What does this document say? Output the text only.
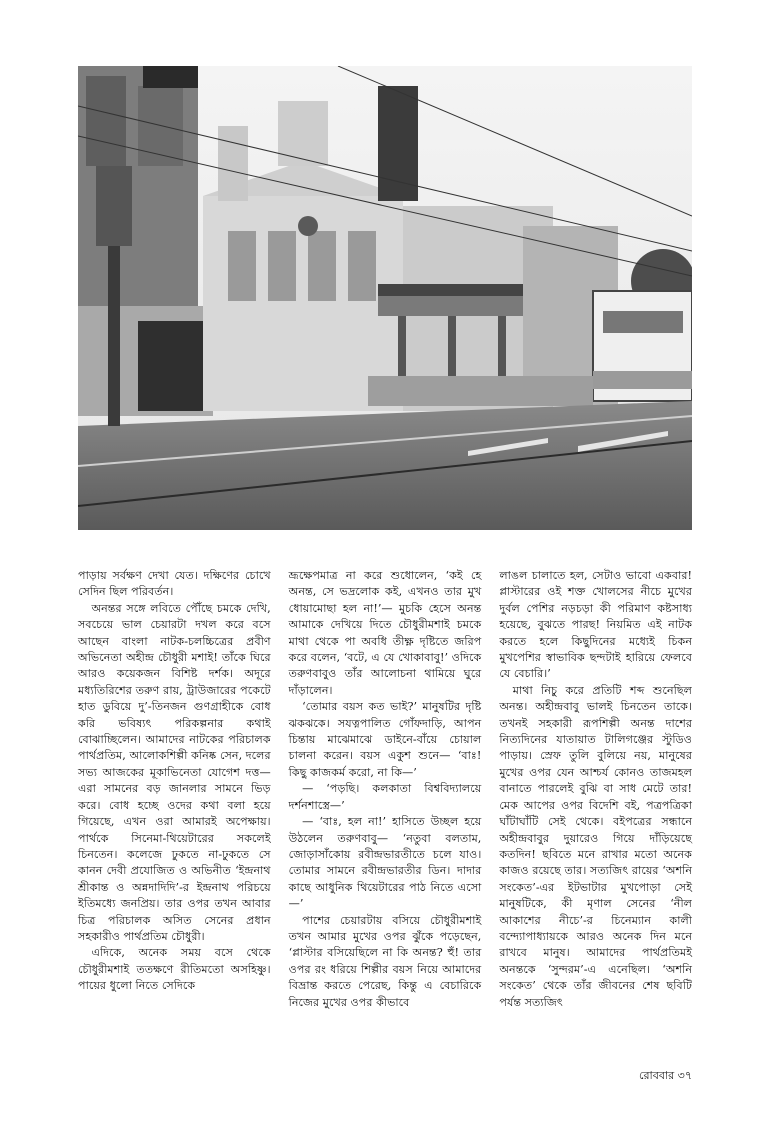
পাড়ায় সর্বক্ষণ দেখা যেত। দক্ষিণের চোখে সেদিন ছিল পরিবর্তন।

অনন্তর সঙ্গে লবিতে পৌঁছে চমকে দেখি, সবচেয়ে ভাল চেয়ারটা দখল করে বসে আছেন বাংলা নাটক-চলচ্চিত্রের প্রবীণ অভিনেতা অহীন্দ্র চৌধুরী মশাই! তাঁকে ঘিরে আরও কয়েকজন বিশিষ্ট দর্শক। অদূরে মধ্যতিরিশের তরুণ রায়, ট্রাউজারের পকেটে হাত ডুবিয়ে দু’-তিনজন গুণগ্রাহীকে বোধ করি ভবিষ্যৎ পরিকল্পনার কথাই বোঝাচ্ছিলেন। আমাদের নাটকের পরিচালক পার্থপ্রতিম, আলোকশিল্পী কনিষ্ক সেন, দলের সভ্য আজকের মূকাভিনেতা যোগেশ দত্ত— এরা সামনের বড় জানলার সামনে ভিড় করে। বোধ হচ্ছে ওদের কথা বলা হয়ে গিয়েছে, এখন ওরা আমারই অপেক্ষায়। পার্থকে সিনেমা-থিয়েটারের সকলেই চিনতেন। কলেজে ঢুকতে না-ঢুকতে সে কানন দেবী প্রযোজিত ও অভিনীত ‘ইন্দ্রনাথ শ্রীকান্ত ও অন্নদাদিদি’-র ইন্দ্রনাথ পরিচয়ে ইতিমধ্যে জনপ্রিয়। তার ওপর তখন আবার চিত্র পরিচালক অসিত সেনের প্রধান সহকারীও পার্থপ্রতিম চৌধুরী।

এদিকে, অনেক সময় বসে থেকে চৌধুরীমশাই ততক্ষণে রীতিমতো অসহিষ্ণু। পায়ের ধুলো নিতে সেদিকে

ভ্রূক্ষেপমাত্র না করে শুধোলেন, ‘কই হে অনন্ত, সে ভদ্রলোক কই, এখনও তার মুখ ধোয়ামোছা হল না!’— মুচকি হেসে অনন্ত আমাকে দেখিয়ে দিতে চৌধুরীমশাই চমকে মাথা থেকে পা অবধি তীক্ষ্ণ দৃষ্টিতে জরিপ করে বলেন, ‘বটে, এ যে খোকাবাবু!’ ওদিকে তরুণবাবুও তাঁর আলোচনা থামিয়ে ঘুরে দাঁড়ালেন।

‘তোমার বয়স কত ভাই?’ মানুষটির দৃষ্টি ঝকঝকে। সযত্নপালিত গোঁফদাড়ি, আপন চিন্তায় মাঝেমাঝে ডাইনে-বাঁয়ে চোয়াল চালনা করেন। বয়স একুশ শুনে— ‘বাঃ! কিছু কাজকর্ম করো, না কি—’

— ‘পড়ছি। কলকাতা বিশ্ববিদ্যালয়ে দর্শনশাস্ত্রে—’

— ‘বাঃ, হল না!’ হাসিতে উচ্ছল হয়ে উঠলেন তরুণবাবু— ‘নতুবা বলতাম, জোড়াসাঁকোয় রবীন্দ্রভারতীতে চলে যাও। তোমার সামনে রবীন্দ্রভারতীর ডিন। দাদার কাছে আধুনিক থিয়েটারের পাঠ নিতে এসো—’

পাশের চেয়ারটায় বসিয়ে চৌধুরীমশাই তখন আমার মুখের ওপর ঝুঁকে পড়েছেন, ‘প্লাস্টার বসিয়েছিলে না কি অনন্ত? হুঁ! তার ওপর রং ধরিয়ে শিল্পীর বয়স নিয়ে আমাদের বিভ্রান্ত করতে পেরেছ, কিন্তু এ বেচারিকে নিজের মুখের ওপর কীভাবে

লাঙল চালাতে হল, সেটাও ভাবো একবার! প্লাস্টারের ওই শক্ত খোলসের নীচে মুখের দুর্বল পেশির নড়চড়া কী পরিমাণ কষ্টসাধ্য হয়েছে, বুঝতে পারছ! নিয়মিত এই নাটক করতে হলে কিছুদিনের মধ্যেই চিকন মুখপেশির স্বাভাবিক ছন্দটাই হারিয়ে ফেলবে যে বেচারি।’

মাথা নিচু করে প্রতিটি শব্দ শুনেছিল অনন্ত। অহীন্দ্রবাবু ভালই চিনতেন তাকে। তখনই সহকারী রূপশিল্পী অনন্ত দাশের নিত্যদিনের যাতায়াত টালিগঞ্জের স্টুডিও পাড়ায়। স্রেফ তুলি বুলিয়ে নয়, মানুষের মুখের ওপর যেন আশ্চর্য কোনও তাজমহল বানাতে পারলেই বুঝি বা সাধ মেটে তার! মেক আপের ওপর বিদেশি বই, পত্রপত্রিকা ঘাঁটাঘাঁটি সেই থেকে। বইপত্রের সন্ধানে অহীন্দ্রবাবুর দুয়ারেও গিয়ে দাঁড়িয়েছে কতদিন! ছবিতে মনে রাখার মতো অনেক কাজও রয়েছে তার। সত্যজিৎ রায়ের ‘অশনি সংকেত’-এর ইটভাটার মুখপোড়া সেই মানুষটিকে, কী মৃণাল সেনের ‘নীল আকাশের নীচে’-র চিনেম্যান কালী বন্দ্যোপাধ্যায়কে আরও অনেক দিন মনে রাখবে মানুষ। আমাদের পার্থপ্রতিমই অনন্তকে ‘সুন্দরম’-এ এনেছিল। ‘অশনি সংকেত’ থেকে তাঁর জীবনের শেষ ছবিটি পর্যন্ত সত্যজিৎ

রোববার ৩৭
